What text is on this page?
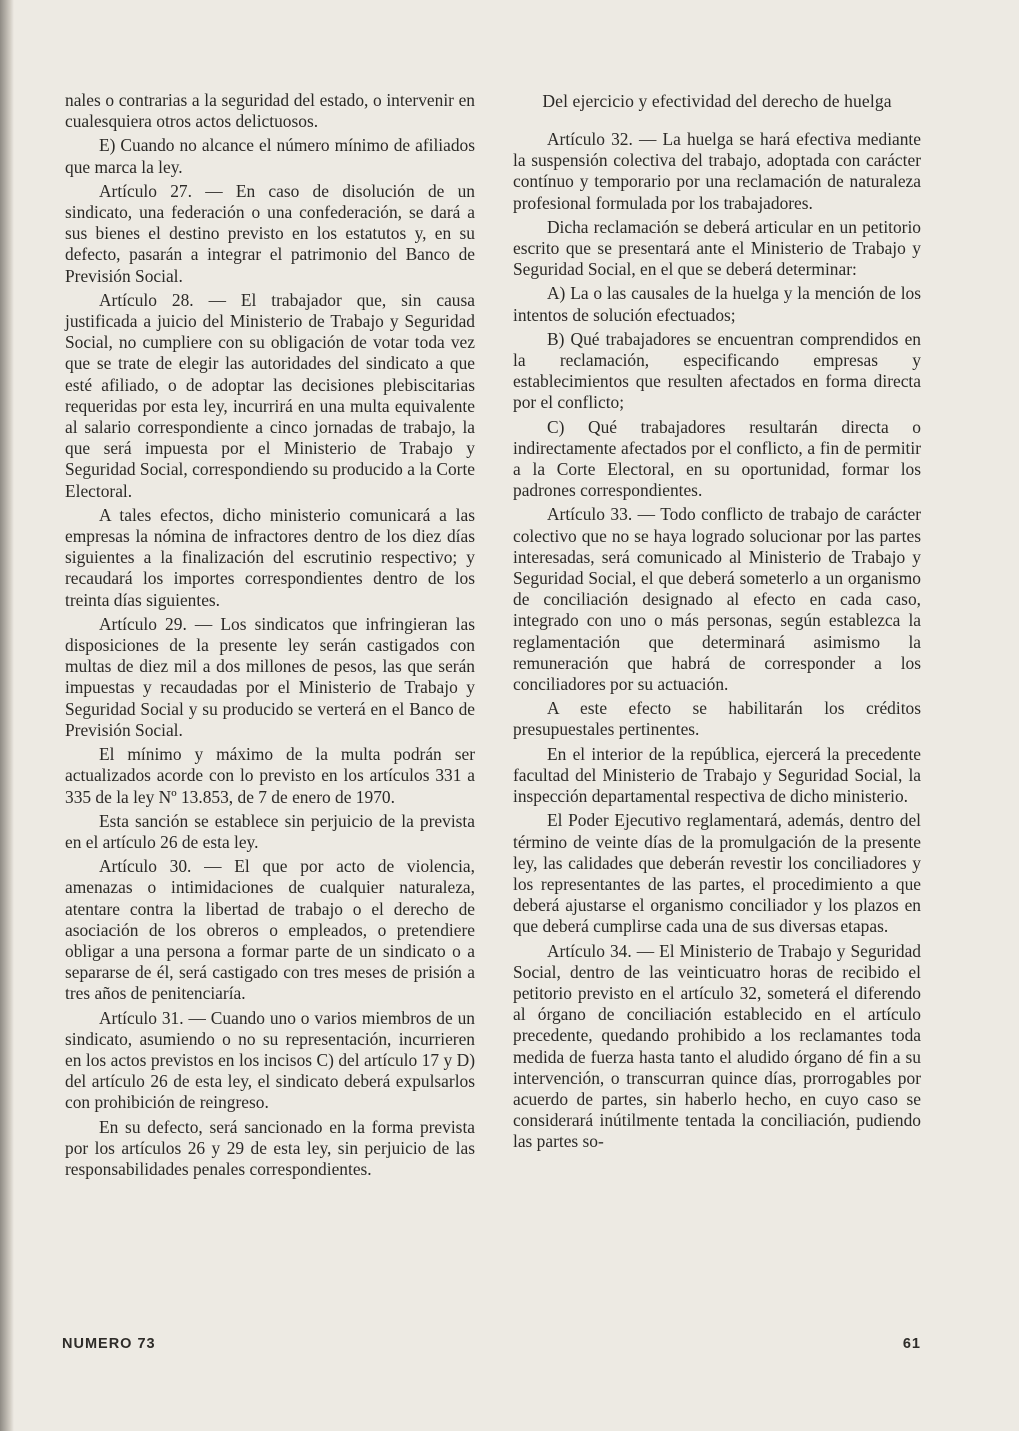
nales o contrarias a la seguridad del estado, o intervenir en cualesquiera otros actos delictuosos.

E) Cuando no alcance el número mínimo de afiliados que marca la ley.

Artículo 27. — En caso de disolución de un sindicato, una federación o una confederación, se dará a sus bienes el destino previsto en los estatutos y, en su defecto, pasarán a integrar el patrimonio del Banco de Previsión Social.

Artículo 28. — El trabajador que, sin causa justificada a juicio del Ministerio de Trabajo y Seguridad Social, no cumpliere con su obligación de votar toda vez que se trate de elegir las autoridades del sindicato a que esté afiliado, o de adoptar las decisiones plebiscitarias requeridas por esta ley, incurrirá en una multa equivalente al salario correspondiente a cinco jornadas de trabajo, la que será impuesta por el Ministerio de Trabajo y Seguridad Social, correspondiendo su producido a la Corte Electoral.

A tales efectos, dicho ministerio comunicará a las empresas la nómina de infractores dentro de los diez días siguientes a la finalización del escrutinio respectivo; y recaudará los importes correspondientes dentro de los treinta días siguientes.

Artículo 29. — Los sindicatos que infringieran las disposiciones de la presente ley serán castigados con multas de diez mil a dos millones de pesos, las que serán impuestas y recaudadas por el Ministerio de Trabajo y Seguridad Social y su producido se verterá en el Banco de Previsión Social.

El mínimo y máximo de la multa podrán ser actualizados acorde con lo previsto en los artículos 331 a 335 de la ley Nº 13.853, de 7 de enero de 1970.

Esta sanción se establece sin perjuicio de la prevista en el artículo 26 de esta ley.

Artículo 30. — El que por acto de violencia, amenazas o intimidaciones de cualquier naturaleza, atentare contra la libertad de trabajo o el derecho de asociación de los obreros o empleados, o pretendiere obligar a una persona a formar parte de un sindicato o a separarse de él, será castigado con tres meses de prisión a tres años de penitenciaría.

Artículo 31. — Cuando uno o varios miembros de un sindicato, asumiendo o no su representación, incurrieren en los actos previstos en los incisos C) del artículo 17 y D) del artículo 26 de esta ley, el sindicato deberá expulsarlos con prohibición de reingreso.

En su defecto, será sancionado en la forma prevista por los artículos 26 y 29 de esta ley, sin perjuicio de las responsabilidades penales correspondientes.

Del ejercicio y efectividad del derecho de huelga

Artículo 32. — La huelga se hará efectiva mediante la suspensión colectiva del trabajo, adoptada con carácter contínuo y temporario por una reclamación de naturaleza profesional formulada por los trabajadores.

Dicha reclamación se deberá articular en un petitorio escrito que se presentará ante el Ministerio de Trabajo y Seguridad Social, en el que se deberá determinar:

A) La o las causales de la huelga y la mención de los intentos de solución efectuados;

B) Qué trabajadores se encuentran comprendidos en la reclamación, especificando empresas y establecimientos que resulten afectados en forma directa por el conflicto;

C) Qué trabajadores resultarán directa o indirectamente afectados por el conflicto, a fin de permitir a la Corte Electoral, en su oportunidad, formar los padrones correspondientes.

Artículo 33. — Todo conflicto de trabajo de carácter colectivo que no se haya logrado solucionar por las partes interesadas, será comunicado al Ministerio de Trabajo y Seguridad Social, el que deberá someterlo a un organismo de conciliación designado al efecto en cada caso, integrado con uno o más personas, según establezca la reglamentación que determinará asimismo la remuneración que habrá de corresponder a los conciliadores por su actuación.

A este efecto se habilitarán los créditos presupuestales pertinentes.

En el interior de la república, ejercerá la precedente facultad del Ministerio de Trabajo y Seguridad Social, la inspección departamental respectiva de dicho ministerio.

El Poder Ejecutivo reglamentará, además, dentro del término de veinte días de la promulgación de la presente ley, las calidades que deberán revestir los conciliadores y los representantes de las partes, el procedimiento a que deberá ajustarse el organismo conciliador y los plazos en que deberá cumplirse cada una de sus diversas etapas.

Artículo 34. — El Ministerio de Trabajo y Seguridad Social, dentro de las veinticuatro horas de recibido el petitorio previsto en el artículo 32, someterá el diferendo al órgano de conciliación establecido en el artículo precedente, quedando prohibido a los reclamantes toda medida de fuerza hasta tanto el aludido órgano dé fin a su intervención, o transcurran quince días, prorrogables por acuerdo de partes, sin haberlo hecho, en cuyo caso se considerará inútilmente tentada la conciliación, pudiendo las partes so-

NUMERO 73	61
